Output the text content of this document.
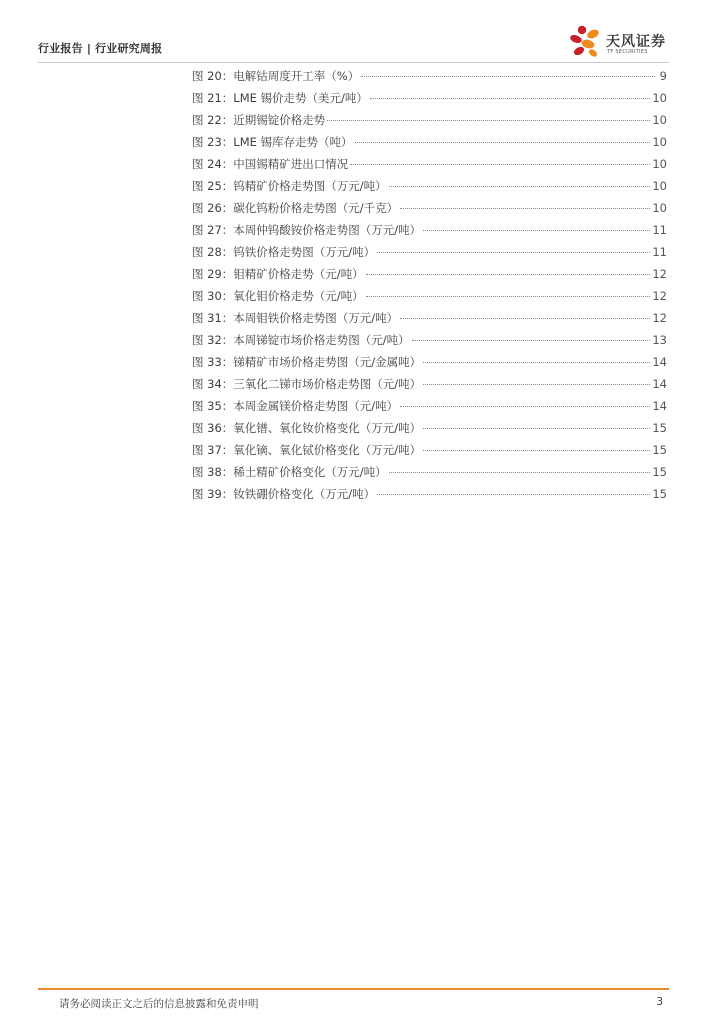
行业报告 | 行业研究周报	天风证券
TF SECURITIES
图 20：电解钴周度开工率（%）	9
图 21：LME 锡价走势（美元/吨）	10
图 22：近期锡锭价格走势	10
图 23：LME 锡库存走势（吨）	10
图 24：中国锡精矿进出口情况	10
图 25：钨精矿价格走势图（万元/吨）	10
图 26：碳化钨粉价格走势图（元/千克）	10
图 27：本周仲钨酸铵价格走势图（万元/吨）	11
图 28：钨铁价格走势图（万元/吨）	11
图 29：钼精矿价格走势（元/吨）	12
图 30：氧化钼价格走势（元/吨）	12
图 31：本周钼铁价格走势图（万元/吨）	12
图 32：本周锑锭市场价格走势图（元/吨）	13
图 33：锑精矿市场价格走势图（元/金属吨）	14
图 34：三氧化二锑市场价格走势图（元/吨）	14
图 35：本周金属镁价格走势图（元/吨）	14
图 36：氧化镨、氧化钕价格变化（万元/吨）	15
图 37：氧化镝、氧化铽价格变化（万元/吨）	15
图 38：稀土精矿价格变化（万元/吨）	15
图 39：钕铁硼价格变化（万元/吨）	15
请务必阅读正文之后的信息披露和免责申明	3
